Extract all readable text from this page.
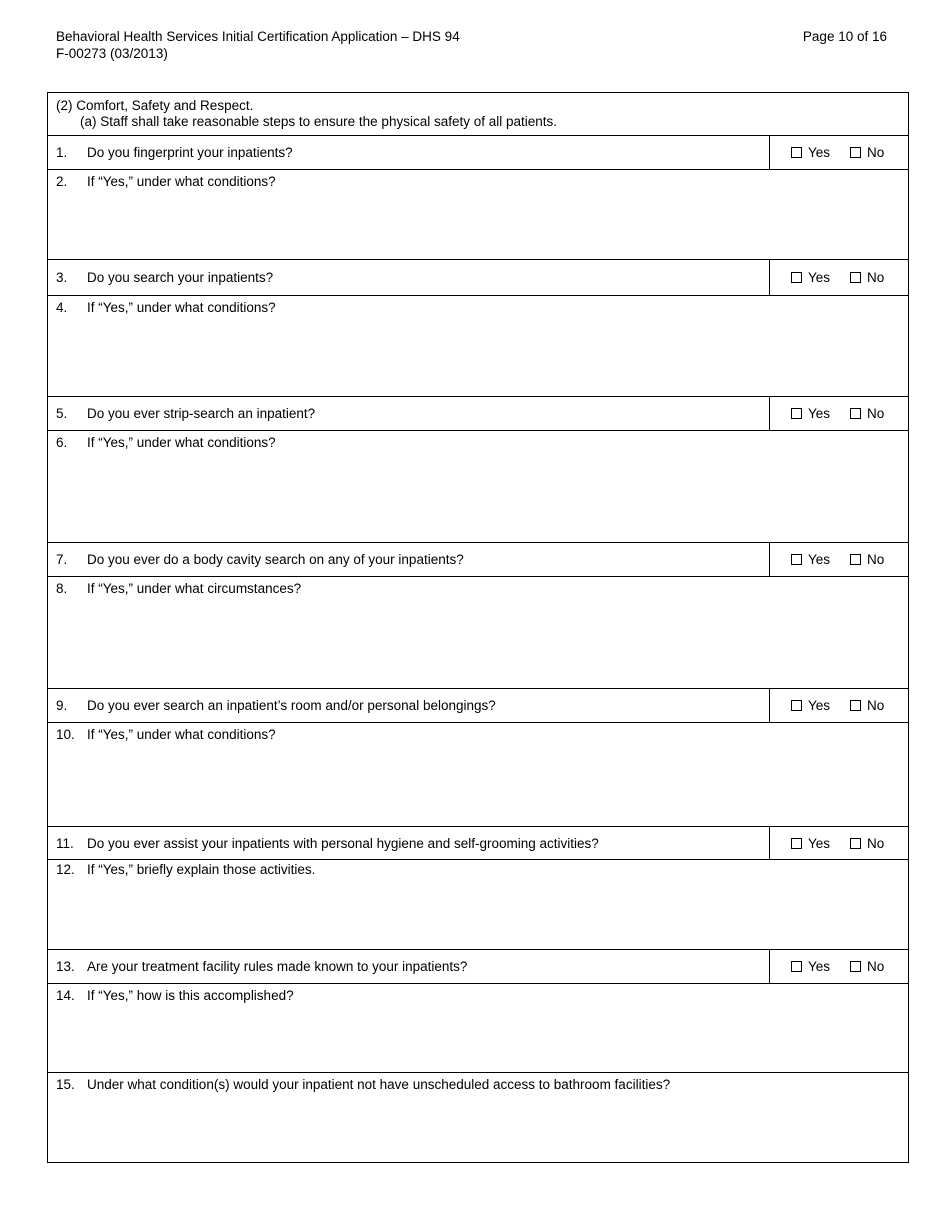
Behavioral Health Services Initial Certification Application – DHS 94
F-00273 (03/2013)
Page 10 of 16
(2) Comfort, Safety and Respect.
(a) Staff shall take reasonable steps to ensure the physical safety of all patients.
1.	Do you fingerprint your inpatients?	Yes	No
2. If “Yes,” under what conditions?
3.	Do you search your inpatients?	Yes	No
4. If “Yes,” under what conditions?
5.	Do you ever strip-search an inpatient?	Yes	No
6. If “Yes,” under what conditions?
7.	Do you ever do a body cavity search on any of your inpatients?	Yes	No
8. If “Yes,” under what circumstances?
9.	Do you ever search an inpatient’s room and/or personal belongings?	Yes	No
10. If “Yes,” under what conditions?
11. Do you ever assist your inpatients with personal hygiene and self-grooming activities?	Yes	No
12. If “Yes,” briefly explain those activities.
13. Are your treatment facility rules made known to your inpatients?	Yes	No
14. If “Yes,” how is this accomplished?
15. Under what condition(s) would your inpatient not have unscheduled access to bathroom facilities?
